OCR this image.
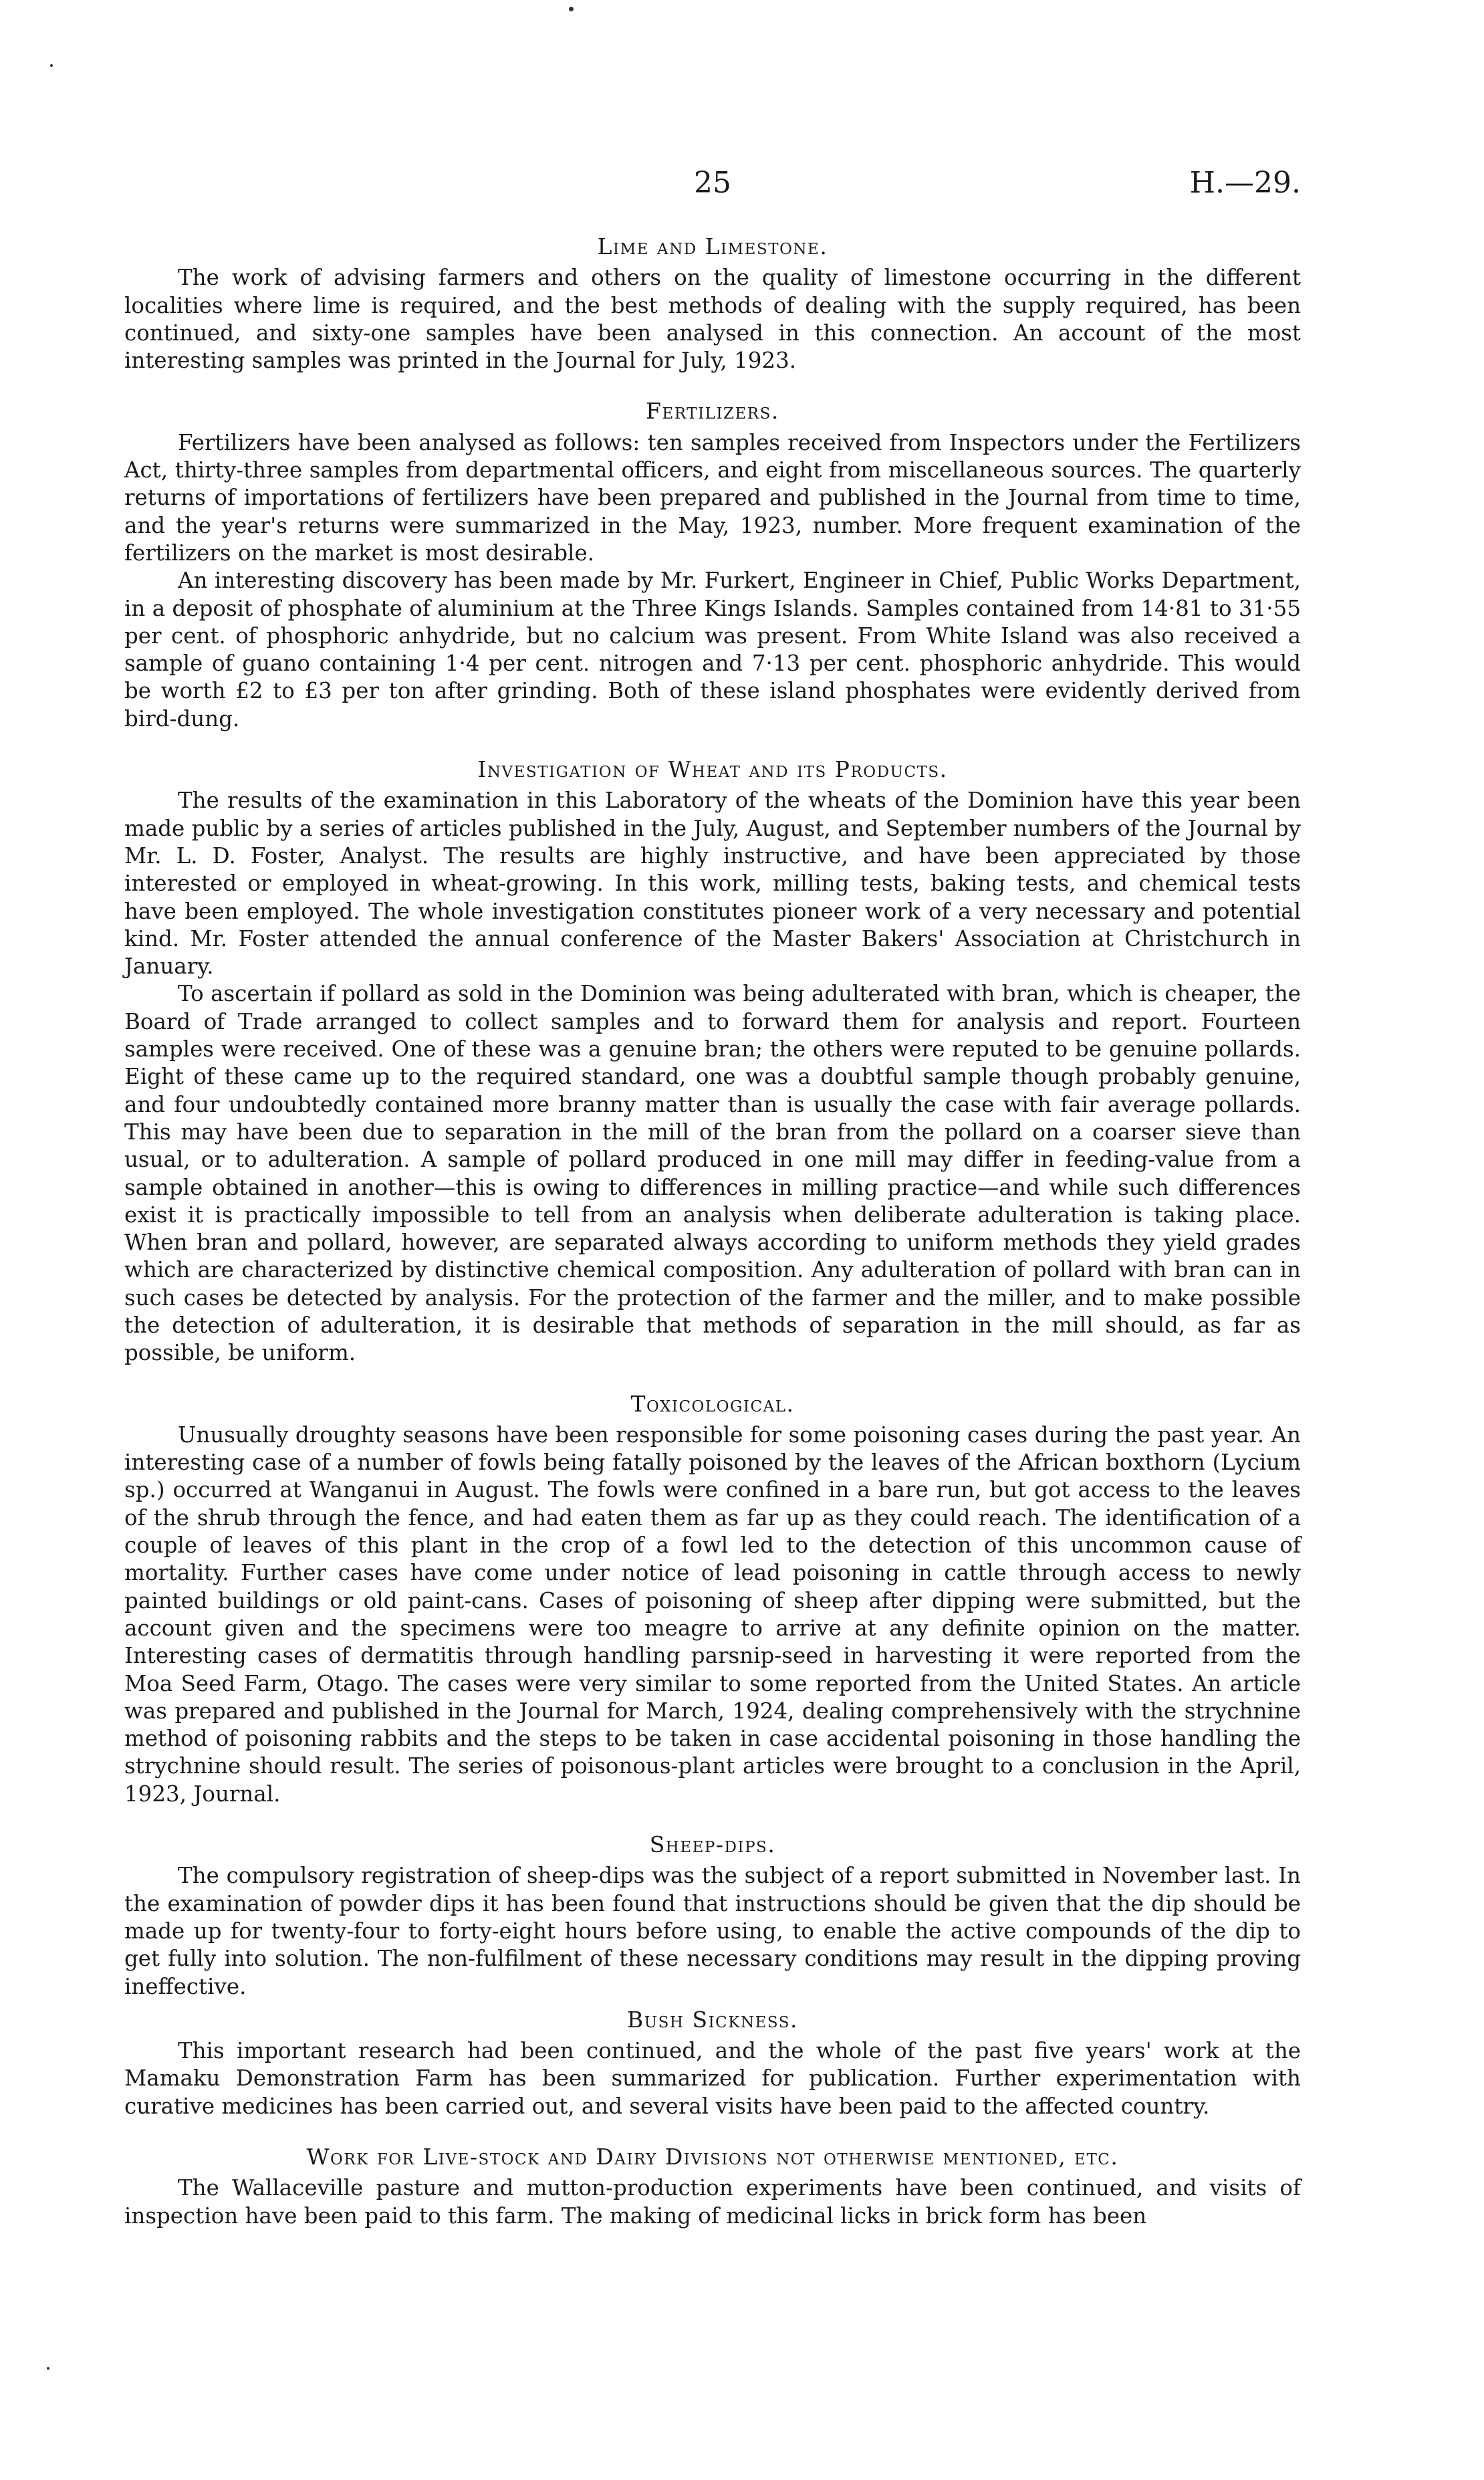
25	H.—29.
Lime and Limestone.

The work of advising farmers and others on the quality of limestone occurring in the different localities where lime is required, and the best methods of dealing with the supply required, has been continued, and sixty-one samples have been analysed in this connection. An account of the most interesting samples was printed in the Journal for July, 1923.

Fertilizers.

Fertilizers have been analysed as follows: ten samples received from Inspectors under the Fertilizers Act, thirty-three samples from departmental officers, and eight from miscellaneous sources. The quarterly returns of importations of fertilizers have been prepared and published in the Journal from time to time, and the year's returns were summarized in the May, 1923, number. More frequent examination of the fertilizers on the market is most desirable.

An interesting discovery has been made by Mr. Furkert, Engineer in Chief, Public Works Department, in a deposit of phosphate of aluminium at the Three Kings Islands. Samples contained from 14·81 to 31·55 per cent. of phosphoric anhydride, but no calcium was present. From White Island was also received a sample of guano containing 1·4 per cent. nitrogen and 7·13 per cent. phosphoric anhydride. This would be worth £2 to £3 per ton after grinding. Both of these island phosphates were evidently derived from bird-dung.

Investigation of Wheat and its Products.

The results of the examination in this Laboratory of the wheats of the Dominion have this year been made public by a series of articles published in the July, August, and September numbers of the Journal by Mr. L. D. Foster, Analyst. The results are highly instructive, and have been appreciated by those interested or employed in wheat-growing. In this work, milling tests, baking tests, and chemical tests have been employed. The whole investigation constitutes pioneer work of a very necessary and potential kind. Mr. Foster attended the annual conference of the Master Bakers' Association at Christchurch in January.

To ascertain if pollard as sold in the Dominion was being adulterated with bran, which is cheaper, the Board of Trade arranged to collect samples and to forward them for analysis and report. Fourteen samples were received. One of these was a genuine bran; the others were reputed to be genuine pollards. Eight of these came up to the required standard, one was a doubtful sample though probably genuine, and four undoubtedly contained more branny matter than is usually the case with fair average pollards. This may have been due to separation in the mill of the bran from the pollard on a coarser sieve than usual, or to adulteration. A sample of pollard produced in one mill may differ in feeding-value from a sample obtained in another—this is owing to differences in milling practice—and while such differences exist it is practically impossible to tell from an analysis when deliberate adulteration is taking place. When bran and pollard, however, are separated always according to uniform methods they yield grades which are characterized by distinctive chemical composition. Any adulteration of pollard with bran can in such cases be detected by analysis. For the protection of the farmer and the miller, and to make possible the detection of adulteration, it is desirable that methods of separation in the mill should, as far as possible, be uniform.

Toxicological.

Unusually droughty seasons have been responsible for some poisoning cases during the past year. An interesting case of a number of fowls being fatally poisoned by the leaves of the African boxthorn (Lycium sp.) occurred at Wanganui in August. The fowls were confined in a bare run, but got access to the leaves of the shrub through the fence, and had eaten them as far up as they could reach. The identification of a couple of leaves of this plant in the crop of a fowl led to the detection of this uncommon cause of mortality. Further cases have come under notice of lead poisoning in cattle through access to newly painted buildings or old paint-cans. Cases of poisoning of sheep after dipping were submitted, but the account given and the specimens were too meagre to arrive at any definite opinion on the matter. Interesting cases of dermatitis through handling parsnip-seed in harvesting it were reported from the Moa Seed Farm, Otago. The cases were very similar to some reported from the United States. An article was prepared and published in the Journal for March, 1924, dealing comprehensively with the strychnine method of poisoning rabbits and the steps to be taken in case accidental poisoning in those handling the strychnine should result. The series of poisonous-plant articles were brought to a conclusion in the April, 1923, Journal.

Sheep-dips.

The compulsory registration of sheep-dips was the subject of a report submitted in November last. In the examination of powder dips it has been found that instructions should be given that the dip should be made up for twenty-four to forty-eight hours before using, to enable the active compounds of the dip to get fully into solution. The non-fulfilment of these necessary conditions may result in the dipping proving ineffective.

Bush Sickness.

This important research had been continued, and the whole of the past five years' work at the Mamaku Demonstration Farm has been summarized for publication. Further experimentation with curative medicines has been carried out, and several visits have been paid to the affected country.

Work for Live-stock and Dairy Divisions not otherwise mentioned, etc.

The Wallaceville pasture and mutton-production experiments have been continued, and visits of inspection have been paid to this farm. The making of medicinal licks in brick form has been
